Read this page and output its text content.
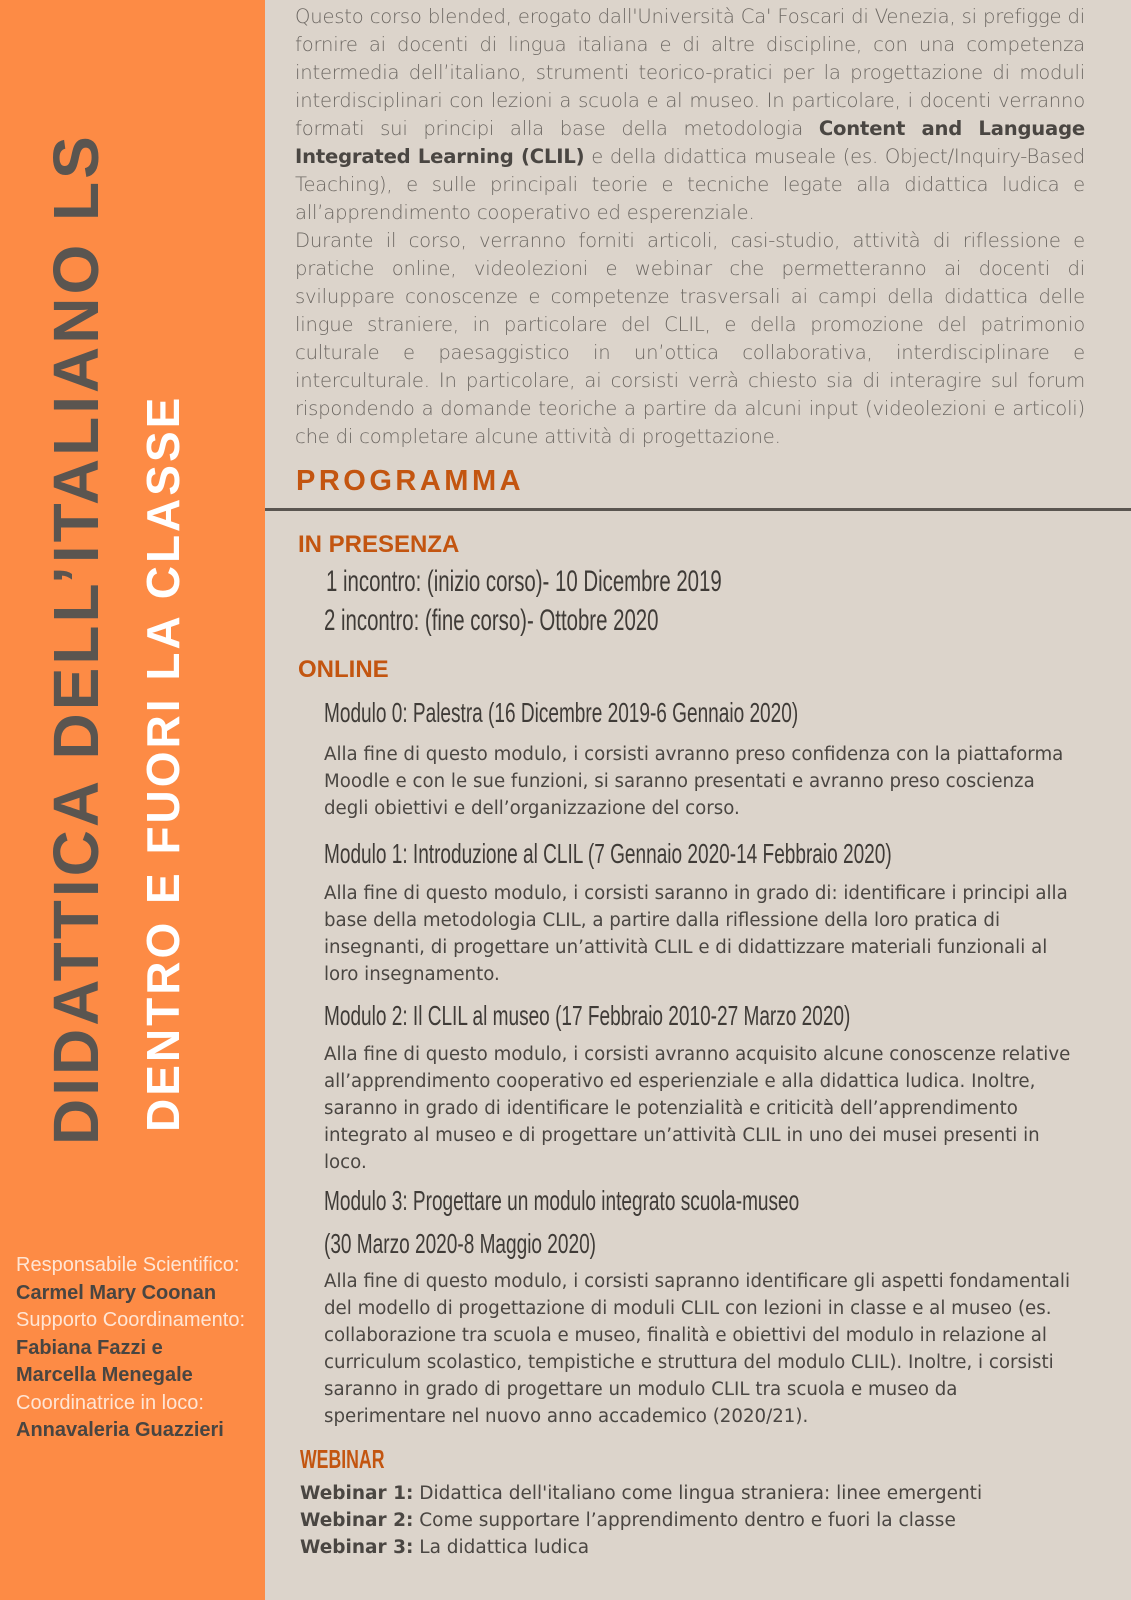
DIDATTICA DELL’ITALIANO LS DENTRO E FUORI LA CLASSE
Responsabile Scientifico:
Carmel Mary Coonan
Supporto Coordinamento:
Fabiana Fazzi e Marcella Menegale
Coordinatrice in loco:
Annavaleria Guazzieri

Questo corso blended, erogato dall'Università Ca' Foscari di Venezia, si prefigge di fornire ai docenti di lingua italiana e di altre discipline, con una competenza intermedia dell’italiano, strumenti teorico-pratici per la progettazione di moduli interdisciplinari con lezioni a scuola e al museo. In particolare, i docenti verranno formati sui principi alla base della metodologia Content and Language Integrated Learning (CLIL) e della didattica museale (es. Object/Inquiry-Based Teaching), e sulle principali teorie e tecniche legate alla didattica ludica e all’apprendimento cooperativo ed esperenziale.

Durante il corso, verranno forniti articoli, casi-studio, attività di riflessione e pratiche online, videolezioni e webinar che permetteranno ai docenti di sviluppare conoscenze e competenze trasversali ai campi della didattica delle lingue straniere, in particolare del CLIL, e della promozione del patrimonio culturale e paesaggistico in un’ottica collaborativa, interdisciplinare e interculturale. In particolare, ai corsisti verrà chiesto sia di interagire sul forum rispondendo a domande teoriche a partire da alcuni input (videolezioni e articoli) che di completare alcune attività di progettazione.

PROGRAMMA
IN PRESENZA
1 incontro: (inizio corso)- 10 Dicembre 2019
2 incontro: (fine corso)- Ottobre 2020
ONLINE
Modulo 0: Palestra (16 Dicembre 2019-6 Gennaio 2020)
Alla fine di questo modulo, i corsisti avranno preso confidenza con la piattaforma Moodle e con le sue funzioni, si saranno presentati e avranno preso coscienza degli obiettivi e dell’organizzazione del corso.
Modulo 1: Introduzione al CLIL (7 Gennaio 2020-14 Febbraio 2020)
Alla fine di questo modulo, i corsisti saranno in grado di: identificare i principi alla base della metodologia CLIL, a partire dalla riflessione della loro pratica di insegnanti, di progettare un’attività CLIL e di didattizzare materiali funzionali al loro insegnamento.
Modulo 2: Il CLIL al museo (17 Febbraio 2010-27 Marzo 2020)
Alla fine di questo modulo, i corsisti avranno acquisito alcune conoscenze relative all’apprendimento cooperativo ed esperienziale e alla didattica ludica. Inoltre, saranno in grado di identificare le potenzialità e criticità dell’apprendimento integrato al museo e di progettare un’attività CLIL in uno dei musei presenti in loco.
Modulo 3: Progettare un modulo integrato scuola-museo
(30 Marzo 2020-8 Maggio 2020)
Alla fine di questo modulo, i corsisti sapranno identificare gli aspetti fondamentali del modello di progettazione di moduli CLIL con lezioni in classe e al museo (es. collaborazione tra scuola e museo, finalità e obiettivi del modulo in relazione al curriculum scolastico, tempistiche e struttura del modulo CLIL). Inoltre, i corsisti saranno in grado di progettare un modulo CLIL tra scuola e museo da sperimentare nel nuovo anno accademico (2020/21).
WEBINAR
Webinar 1: Didattica dell'italiano come lingua straniera: linee emergenti
Webinar 2: Come supportare l’apprendimento dentro e fuori la classe
Webinar 3: La didattica ludica
